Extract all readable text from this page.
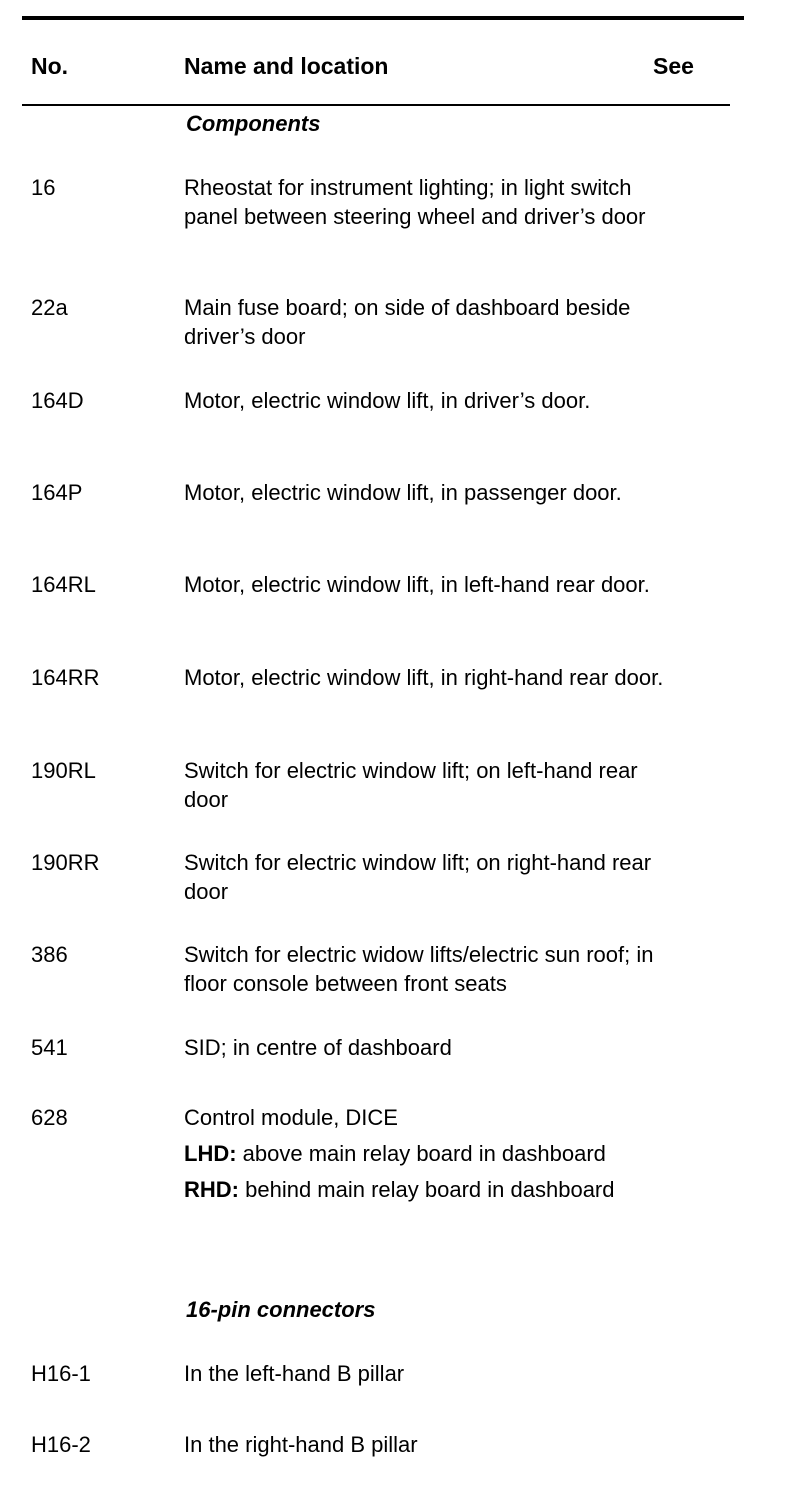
No.	Name and location	See
Components
16	Rheostat for instrument lighting; in light switch panel between steering wheel and driver’s door
22a	Main fuse board; on side of dashboard beside driver’s door
164D	Motor, electric window lift, in driver’s door.
164P	Motor, electric window lift, in passenger door.
164RL	Motor, electric window lift, in left-hand rear door.
164RR	Motor, electric window lift, in right-hand rear door.
190RL	Switch for electric window lift; on left-hand rear door
190RR	Switch for electric window lift; on right-hand rear door
386	Switch for electric widow lifts/electric sun roof; in floor console between front seats
541	SID; in centre of dashboard
628	Control module, DICE
LHD: above main relay board in dashboard
RHD: behind main relay board in dashboard
16-pin connectors
H16-1	In the left-hand B pillar
H16-2	In the right-hand B pillar
